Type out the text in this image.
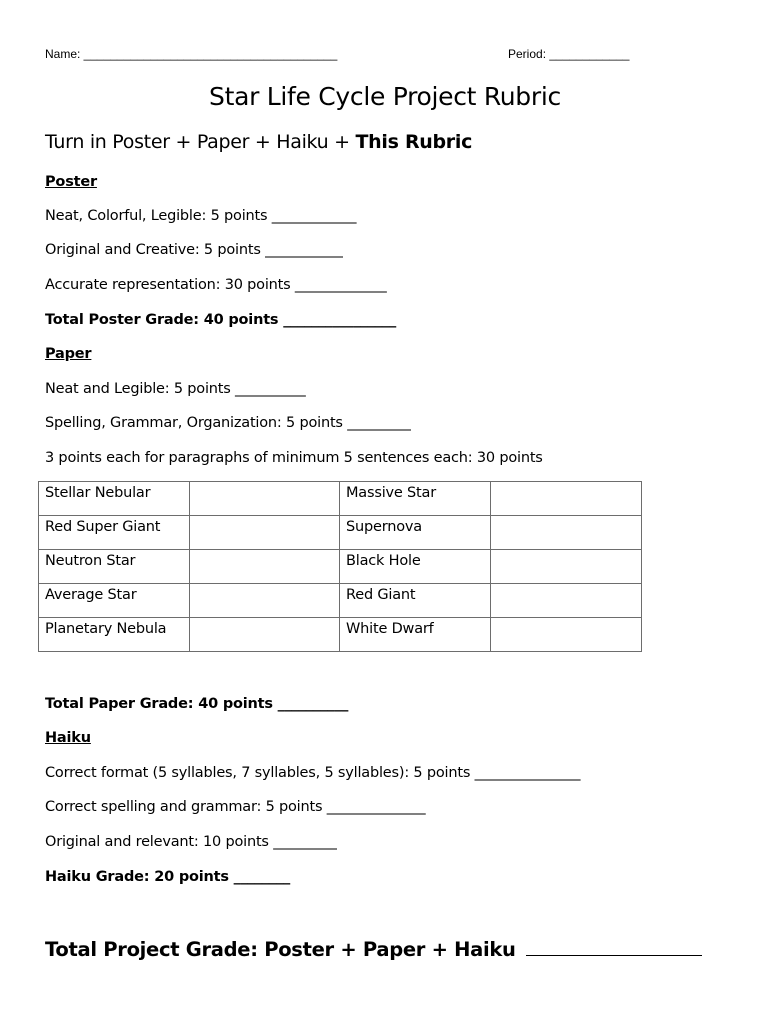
Name: ______________________________________	Period: ____________
Star Life Cycle Project Rubric
Turn in Poster + Paper + Haiku + This Rubric
Poster
Neat, Colorful, Legible: 5 points ____________
Original and Creative: 5 points ___________
Accurate representation: 30 points _____________
Total Poster Grade: 40 points ________________
Paper
Neat and Legible: 5 points __________
Spelling, Grammar, Organization: 5 points _________
3 points each for paragraphs of minimum 5 sentences each: 30 points
Stellar Nebular		Massive Star	
Red Super Giant		Supernova	
Neutron Star		Black Hole	
Average Star		Red Giant	
Planetary Nebula		White Dwarf	
Total Paper Grade: 40 points __________
Haiku
Correct format (5 syllables, 7 syllables, 5 syllables): 5 points _______________
Correct spelling and grammar: 5 points ______________
Original and relevant: 10 points _________
Haiku Grade: 20 points ________
Total Project Grade: Poster + Paper + Haiku
